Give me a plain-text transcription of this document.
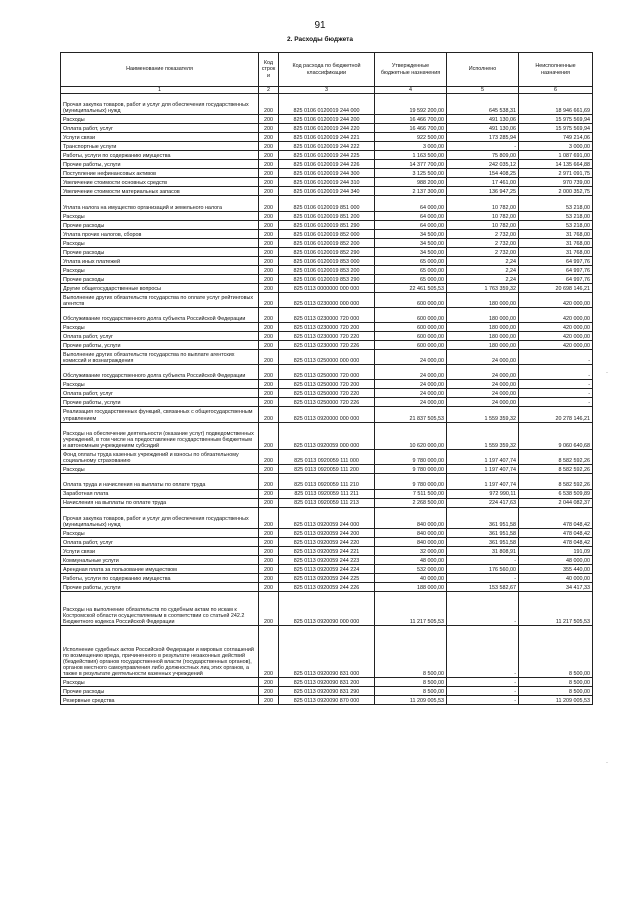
91
2. Расходы бюджета
Наименование показателя	Код строк и	Код расхода по бюджетной классификации	Утвержденные бюджетные назначения	Исполнено	Неисполненные назначения
1	2	3	4	5	6
Прочая закупка товаров, работ и услуг для обеспечения государственных (муниципальных) нужд	200	825 0106 0120019 244 000	19 592 200,00	645 538,31	18 946 661,69
Расходы	200	825 0106 0120019 244 200	16 466 700,00	491 130,06	15 975 569,94
Оплата работ, услуг	200	825 0106 0120019 244 220	16 466 700,00	491 130,06	15 975 569,94
Услуги связи	200	825 0106 0120019 244 221	922 500,00	173 285,94	749 214,06
Транспортные услуги	200	825 0106 0120019 244 222	3 000,00	-	3 000,00
Работы, услуги по содержанию имущества	200	825 0106 0120019 244 225	1 163 500,00	75 809,00	1 087 691,00
Прочие работы, услуги	200	825 0106 0120019 244 226	14 377 700,00	242 035,12	14 135 664,88
Поступление нефинансовых активов	200	825 0106 0120019 244 300	3 125 500,00	154 408,25	2 971 091,75
Увеличение стоимости основных средств	200	825 0106 0120019 244 310	988 200,00	17 461,00	970 739,00
Увеличение стоимости материальных запасов	200	825 0106 0120019 244 340	2 137 300,00	136 947,25	2 000 352,75
Уплата налога на имущество организаций и земельного налога	200	825 0106 0120019 851 000	64 000,00	10 782,00	53 218,00
Расходы	200	825 0106 0120019 851 200	64 000,00	10 782,00	53 218,00
Прочие расходы	200	825 0106 0120019 851 290	64 000,00	10 782,00	53 218,00
Уплата прочих налогов, сборов	200	825 0106 0120019 852 000	34 500,00	2 732,00	31 768,00
Расходы	200	825 0106 0120019 852 200	34 500,00	2 732,00	31 768,00
Прочие расходы	200	825 0106 0120019 852 290	34 500,00	2 732,00	31 768,00
Уплата иных платежей	200	825 0106 0120019 853 000	65 000,00	2,24	64 997,76
Расходы	200	825 0106 0120019 853 200	65 000,00	2,24	64 997,76
Прочие расходы	200	825 0106 0120019 853 290	65 000,00	2,24	64 997,76
Другие общегосударственные вопросы	200	825 0113 0000000 000 000	22 461 505,53	1 763 359,32	20 698 146,21
Выполнение других обязательств государства по оплате услуг рейтинговых агентств	200	825 0113 0230000 000 000	600 000,00	180 000,00	420 000,00
Обслуживание государственного долга субъекта Российской Федерации	200	825 0113 0230000 720 000	600 000,00	180 000,00	420 000,00
Расходы	200	825 0113 0230000 720 200	600 000,00	180 000,00	420 000,00
Оплата работ, услуг	200	825 0113 0230000 720 220	600 000,00	180 000,00	420 000,00
Прочие работы, услуги	200	825 0113 0230000 720 226	600 000,00	180 000,00	420 000,00
Выполнение других обязательств государства по выплате агентских комиссий и вознаграждения	200	825 0113 0250000 000 000	24 000,00	24 000,00	-
Обслуживание государственного долга субъекта Российской Федерации	200	825 0113 0250000 720 000	24 000,00	24 000,00	-
Расходы	200	825 0113 0250000 720 200	24 000,00	24 000,00	-
Оплата работ, услуг	200	825 0113 0250000 720 220	24 000,00	24 000,00	-
Прочие работы, услуги	200	825 0113 0250000 720 226	24 000,00	24 000,00	-
Реализация государственных функций, связанных с общегосударственным управлением	200	825 0113 0920000 000 000	21 837 505,53	1 559 359,32	20 278 146,21
Расходы на обеспечение деятельности (оказание услуг) подведомственных учреждений, в том числе на предоставление государственным бюджетным и автономным учреждениям субсидий	200	825 0113 0920059 000 000	10 620 000,00	1 559 359,32	9 060 640,68
Фонд оплаты труда казенных учреждений и взносы по обязательному социальному страхованию	200	825 0113 0920059 111 000	9 780 000,00	1 197 407,74	8 582 592,26
Расходы	200	825 0113 0920059 111 200	9 780 000,00	1 197 407,74	8 582 592,26
Оплата труда и начисления на выплаты по оплате труда	200	825 0113 0920059 111 210	9 780 000,00	1 197 407,74	8 582 592,26
Заработная плата	200	825 0113 0920059 111 211	7 511 500,00	972 990,11	6 538 509,89
Начисления на выплаты по оплате труда	200	825 0113 0920059 111 213	2 268 500,00	224 417,63	2 044 082,37
Прочая закупка товаров, работ и услуг для обеспечения государственных (муниципальных) нужд	200	825 0113 0920059 244 000	840 000,00	361 951,58	478 048,42
Расходы	200	825 0113 0920059 244 200	840 000,00	361 951,58	478 048,42
Оплата работ, услуг	200	825 0113 0920059 244 220	840 000,00	361 951,58	478 048,42
Услуги связи	200	825 0113 0920059 244 221	32 000,00	31 808,91	191,09
Коммунальные услуги	200	825 0113 0920059 244 223	48 000,00	-	48 000,00
Арендная плата за пользование имуществом	200	825 0113 0920059 244 224	532 000,00	176 560,00	355 440,00
Работы, услуги по содержанию имущества	200	825 0113 0920059 244 225	40 000,00	-	40 000,00
Прочие работы, услуги	200	825 0113 0920059 244 226	188 000,00	153 582,67	34 417,33
Расходы на выполнение обязательств по судебным актам по искам к Костромской области осуществляемым в соответствии со статьей 242.2 Бюджетного кодекса Российской Федерации	200	825 0113 0920090 000 000	11 217 505,53	-	11 217 505,53
Исполнение судебных актов Российской Федерации и мировых соглашений по возмещению вреда, причиненного в результате незаконных действий (бездействия) органов государственной власти (государственных органов), органов местного самоуправления либо должностных лиц этих органов, а также в результате деятельности казенных учреждений	200	825 0113 0920090 831 000	8 500,00	-	8 500,00
Расходы	200	825 0113 0920090 831 200	8 500,00	-	8 500,00
Прочие расходы	200	825 0113 0920090 831 290	8 500,00	-	8 500,00
Резервные средства	200	825 0113 0920090 870 000	11 209 005,53	-	11 209 005,53
·
·
